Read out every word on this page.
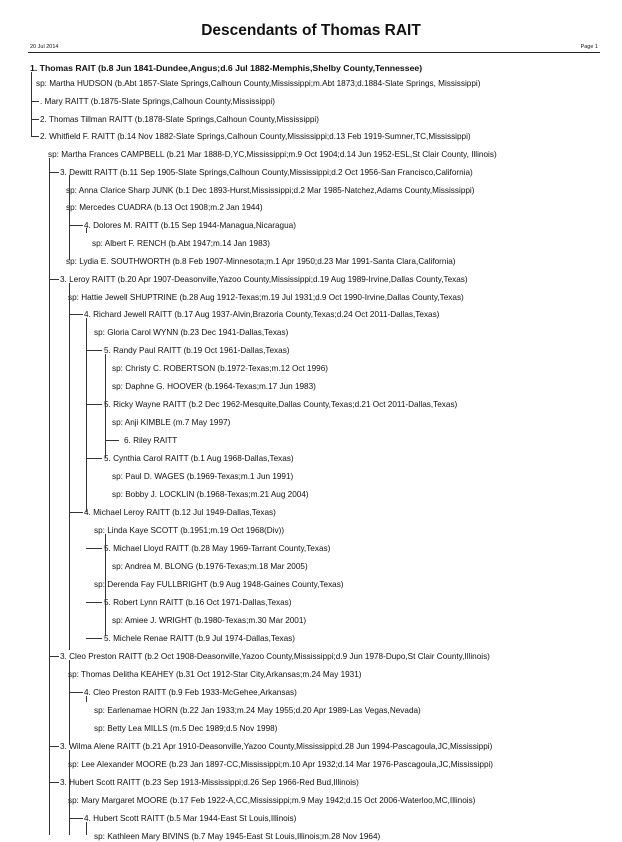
Descendants of Thomas RAIT
20 Jul 2014	Page 1
1. Thomas RAIT (b.8 Jun 1841-Dundee,Angus;d.6 Jul 1882-Memphis,Shelby County,Tennessee)
sp: Martha HUDSON (b.Abt 1857-Slate Springs,Calhoun County,Mississippi;m.Abt 1873;d.1884-Slate Springs, Mississippi)
. Mary RAITT (b.1875-Slate Springs,Calhoun County,Mississippi)
2. Thomas Tillman RAITT (b.1878-Slate Springs,Calhoun County,Mississippi)
2. Whitfield F. RAITT (b.14 Nov 1882-Slate Springs,Calhoun County,Mississippi;d.13 Feb 1919-Sumner,TC,Mississippi)
sp: Martha Frances CAMPBELL (b.21 Mar 1888-D,YC,Mississippi;m.9 Oct 1904;d.14 Jun 1952-ESL,St Clair County, Illinois)
3. Dewitt RAITT (b.11 Sep 1905-Slate Springs,Calhoun County,Mississippi;d.2 Oct 1956-San Francisco,California)
sp: Anna Clarice Sharp JUNK (b.1 Dec 1893-Hurst,Mississippi;d.2 Mar 1985-Natchez,Adams County,Mississippi)
sp: Mercedes CUADRA (b.13 Oct 1908;m.2 Jan 1944)
4. Dolores M. RAITT (b.15 Sep 1944-Managua,Nicaragua)
sp: Albert F. RENCH (b.Abt 1947;m.14 Jan 1983)
sp: Lydia E. SOUTHWORTH (b.8 Feb 1907-Minnesota;m.1 Apr 1950;d.23 Mar 1991-Santa Clara,California)
3. Leroy RAITT (b.20 Apr 1907-Deasonville,Yazoo County,Mississippi;d.19 Aug 1989-Irvine,Dallas County,Texas)
sp: Hattie Jewell SHUPTRINE (b.28 Aug 1912-Texas;m.19 Jul 1931;d.9 Oct 1990-Irvine,Dallas County,Texas)
4. Richard Jewell RAITT (b.17 Aug 1937-Alvin,Brazoria County,Texas;d.24 Oct 2011-Dallas,Texas)
sp: Gloria Carol WYNN (b.23 Dec 1941-Dallas,Texas)
5. Randy Paul RAITT (b.19 Oct 1961-Dallas,Texas)
sp: Christy C. ROBERTSON (b.1972-Texas;m.12 Oct 1996)
sp: Daphne G. HOOVER (b.1964-Texas;m.17 Jun 1983)
5. Ricky Wayne RAITT (b.2 Dec 1962-Mesquite,Dallas County,Texas;d.21 Oct 2011-Dallas,Texas)
sp: Anji KIMBLE (m.7 May 1997)
6. Riley RAITT
5. Cynthia Carol RAITT (b.1 Aug 1968-Dallas,Texas)
sp: Paul D. WAGES (b.1969-Texas;m.1 Jun 1991)
sp: Bobby J. LOCKLIN (b.1968-Texas;m.21 Aug 2004)
4. Michael Leroy RAITT (b.12 Jul 1949-Dallas,Texas)
sp: Linda Kaye SCOTT (b.1951;m.19 Oct 1968(Div))
5. Michael Lloyd RAITT (b.28 May 1969-Tarrant County,Texas)
sp: Andrea M. BLONG (b.1976-Texas;m.18 Mar 2005)
sp: Derenda Fay FULLBRIGHT (b.9 Aug 1948-Gaines County,Texas)
5. Robert Lynn RAITT (b.16 Oct 1971-Dallas,Texas)
sp: Amiee J. WRIGHT (b.1980-Texas;m.30 Mar 2001)
5. Michele Renae RAITT (b.9 Jul 1974-Dallas,Texas)
3. Cleo Preston RAITT (b.2 Oct 1908-Deasonville,Yazoo County,Mississippi;d.9 Jun 1978-Dupo,St Clair County,Illinois)
sp: Thomas Delitha KEAHEY (b.31 Oct 1912-Star City,Arkansas;m.24 May 1931)
4. Cleo Preston RAITT (b.9 Feb 1933-McGehee,Arkansas)
sp: Earlenamae HORN (b.22 Jan 1933;m.24 May 1955;d.20 Apr 1989-Las Vegas,Nevada)
sp: Betty Lea MILLS (m.5 Dec 1989;d.5 Nov 1998)
3. Wilma Alene RAITT (b.21 Apr 1910-Deasonville,Yazoo County,Mississippi;d.28 Jun 1994-Pascagoula,JC,Mississippi)
sp: Lee Alexander MOORE (b.23 Jan 1897-CC,Mississippi;m.10 Apr 1932;d.14 Mar 1976-Pascagoula,JC,Mississippi)
3. Hubert Scott RAITT (b.23 Sep 1913-Mississippi;d.26 Sep 1966-Red Bud,Illinois)
sp: Mary Margaret MOORE (b.17 Feb 1922-A,CC,Mississippi;m.9 May 1942;d.15 Oct 2006-Waterloo,MC,Illinois)
4. Hubert Scott RAITT (b.5 Mar 1944-East St Louis,Illinois)
sp: Kathleen Mary BIVINS (b.7 May 1945-East St Louis,Illinois;m.28 Nov 1964)
